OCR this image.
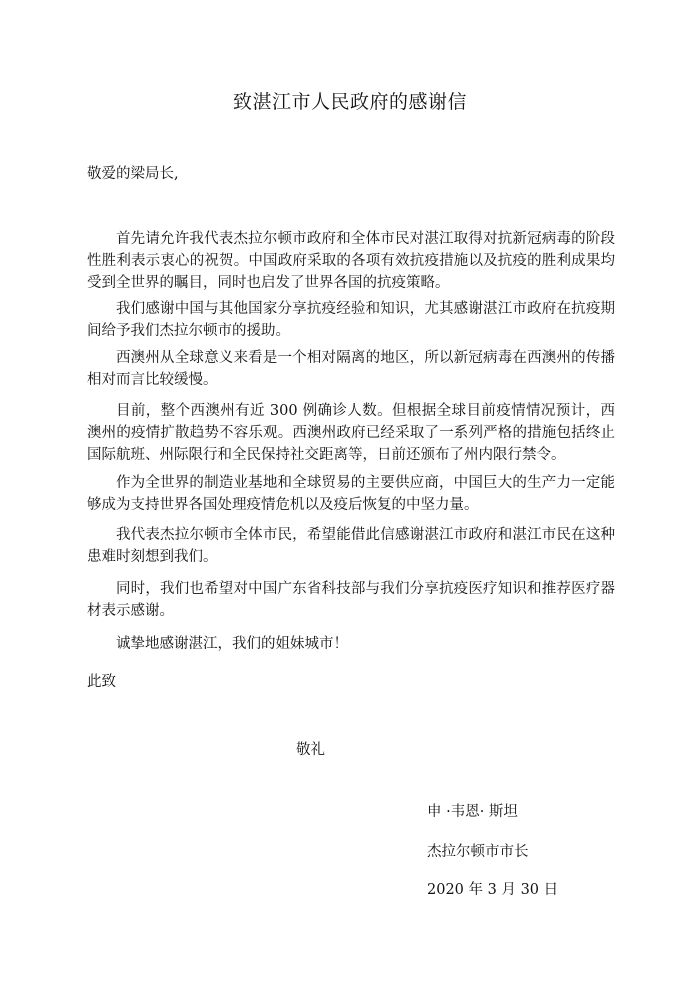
致湛江市人民政府的感谢信
敬爱的梁局长,

首先请允许我代表杰拉尔顿市政府和全体市民对湛江取得对抗新冠病毒的阶段性胜利表示衷心的祝贺。中国政府采取的各项有效抗疫措施以及抗疫的胜利成果均受到全世界的瞩目，同时也启发了世界各国的抗疫策略。

我们感谢中国与其他国家分享抗疫经验和知识，尤其感谢湛江市政府在抗疫期间给予我们杰拉尔顿市的援助。

西澳州从全球意义来看是一个相对隔离的地区，所以新冠病毒在西澳州的传播相对而言比较缓慢。

目前，整个西澳州有近 300 例确诊人数。但根据全球目前疫情情况预计，西澳州的疫情扩散趋势不容乐观。西澳州政府已经采取了一系列严格的措施包括终止国际航班、州际限行和全民保持社交距离等，日前还颁布了州内限行禁令。

作为全世界的制造业基地和全球贸易的主要供应商，中国巨大的生产力一定能够成为支持世界各国处理疫情危机以及疫后恢复的中坚力量。

我代表杰拉尔顿市全体市民，希望能借此信感谢湛江市政府和湛江市民在这种患难时刻想到我们。

同时，我们也希望对中国广东省科技部与我们分享抗疫医疗知识和推荐医疗器材表示感谢。

诚挚地感谢湛江，我们的姐妹城市！

此致
敬礼
申 ·韦恩· 斯坦
杰拉尔顿市市长
2020 年 3 月 30 日
